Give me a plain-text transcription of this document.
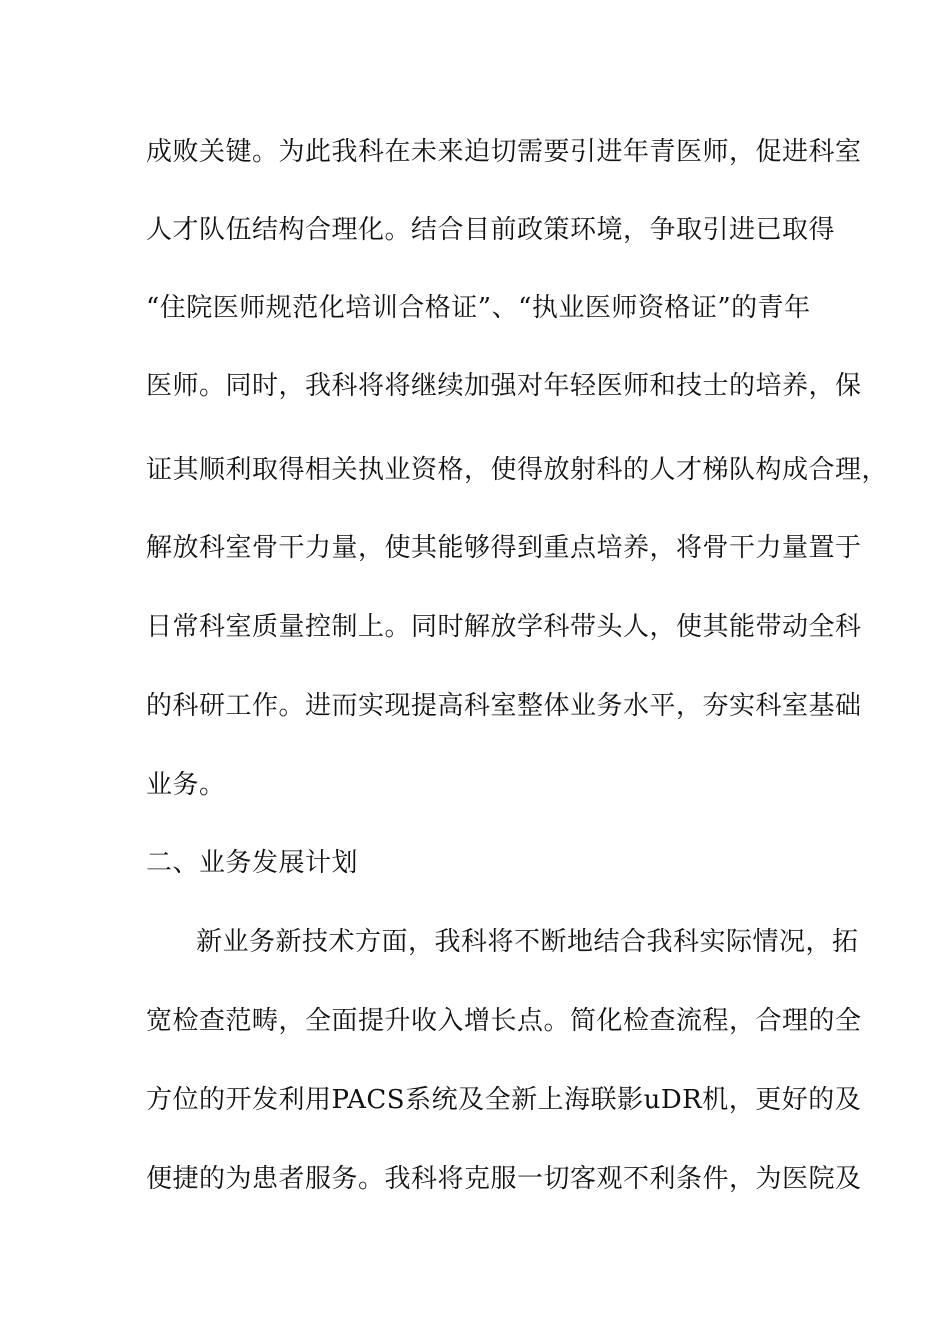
成败关键。为此我科在未来迫切需要引进年青医师，促进科室
人才队伍结构合理化。结合目前政策环境，争取引进已取得
“住院医师规范化培训合格证”、“执业医师资格证”的青年
医师。同时，我科将将继续加强对年轻医师和技士的培养，保
证其顺利取得相关执业资格，使得放射科的人才梯队构成合理，
解放科室骨干力量，使其能够得到重点培养，将骨干力量置于
日常科室质量控制上。同时解放学科带头人，使其能带动全科
的科研工作。进而实现提高科室整体业务水平，夯实科室基础
业务。
二、业务发展计划
新业务新技术方面，我科将不断地结合我科实际情况，拓
宽检查范畴，全面提升收入增长点。简化检查流程，合理的全
方位的开发利用PACS系统及全新上海联影uDR机，更好的及
便捷的为患者服务。我科将克服一切客观不利条件，为医院及
